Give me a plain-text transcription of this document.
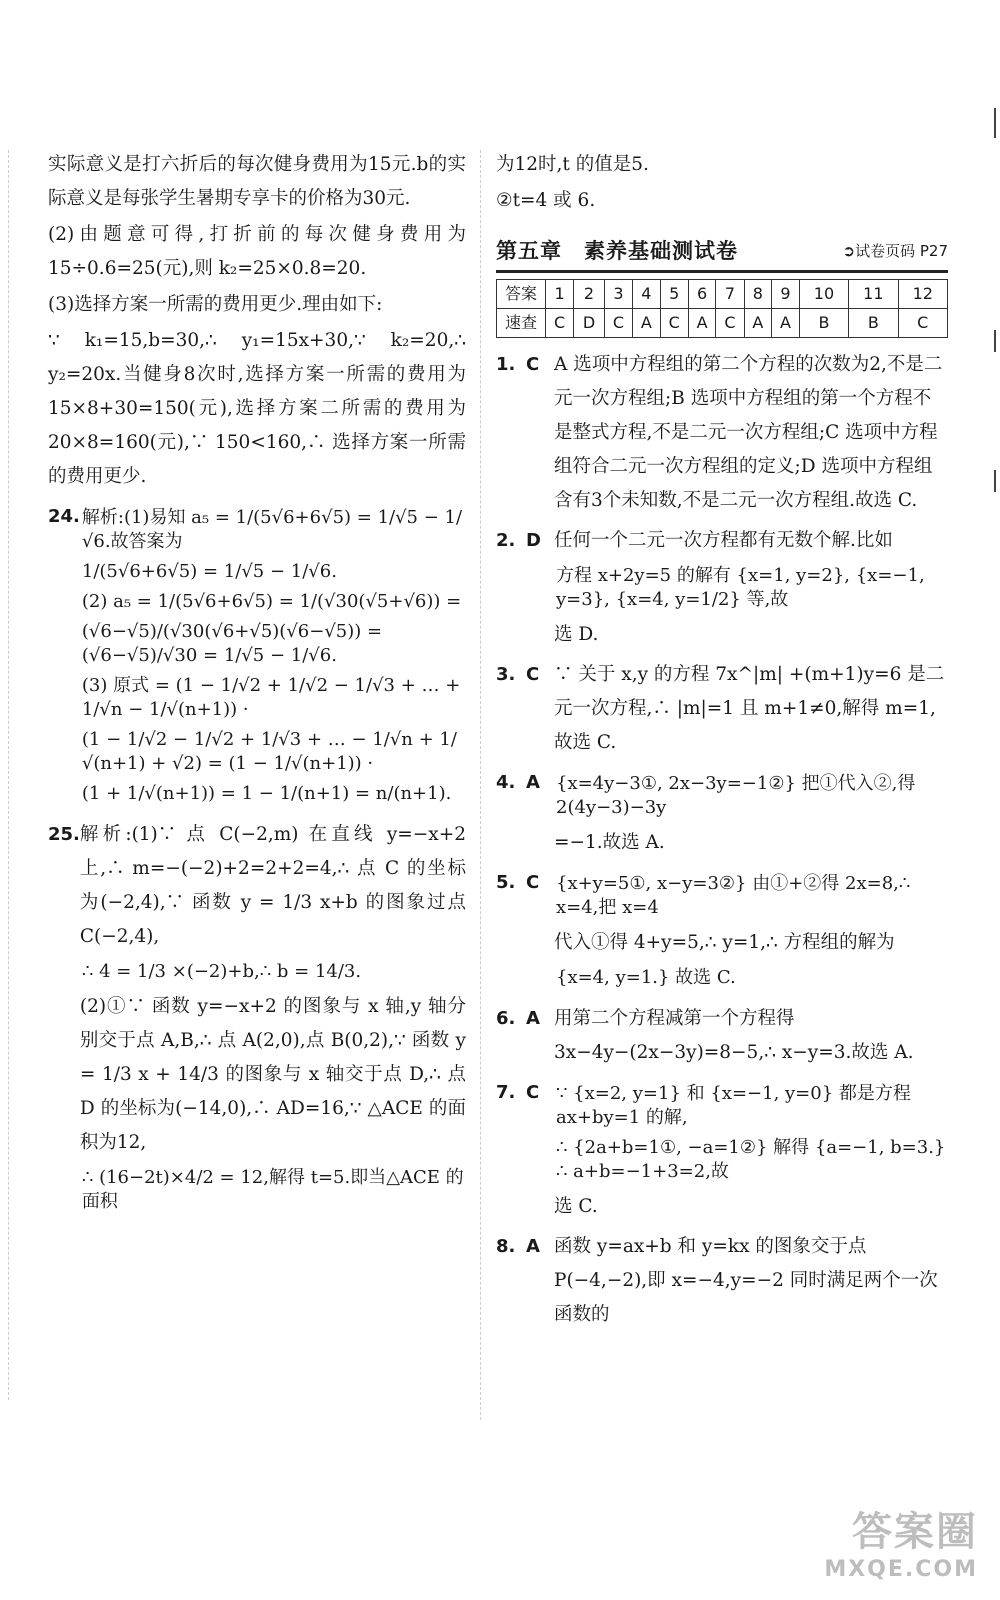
实际意义是打六折后的每次健身费用为15元.b的实际意义是每张学生暑期专享卡的价格为30元.

(2)由题意可得,打折前的每次健身费用为15÷0.6=25(元),则 k₂=25×0.8=20.

(3)选择方案一所需的费用更少.理由如下:

∵ k₁=15,b=30,∴ y₁=15x+30,∵ k₂=20,∴ y₂=20x.当健身8次时,选择方案一所需的费用为15×8+30=150(元),选择方案二所需的费用为20×8=160(元),∵ 150<160,∴ 选择方案一所需的费用更少.

24. 解析:(1)易知 a₅ = 1/(5√6+6√5) = 1/√5 − 1/√6.故答案为
1/(5√6+6√5) = 1/√5 − 1/√6.
(2) a₅ = 1/(5√6+6√5) = 1/(√30(√5+√6)) =
(√6−√5)/(√30(√6+√5)(√6−√5)) = (√6−√5)/√30 = 1/√5 − 1/√6.
(3) 原式 = (1 − 1/√2 + 1/√2 − 1/√3 + … + 1/√n − 1/√(n+1)) ·
(1 − 1/√2 − 1/√2 + 1/√3 + … − 1/√n + 1/√(n+1) + √2) = (1 − 1/√(n+1)) ·
(1 + 1/√(n+1)) = 1 − 1/(n+1) = n/(n+1).
25. 解析:(1)∵ 点 C(−2,m) 在直线 y=−x+2 上,∴ m=−(−2)+2=2+2=4,∴ 点 C 的坐标为(−2,4),∵ 函数 y = 1/3 x+b 的图象过点 C(−2,4),

∴ 4 = 1/3 ×(−2)+b,∴ b = 14/3.

(2)①∵ 函数 y=−x+2 的图象与 x 轴,y 轴分别交于点 A,B,∴ 点 A(2,0),点 B(0,2),∵ 函数 y = 1/3 x + 14/3 的图象与 x 轴交于点 D,∴ 点 D 的坐标为(−14,0),∴ AD=16,∵ △ACE 的面积为12,

∴ (16−2t)×4/2 = 12,解得 t=5.即当△ACE 的面积

为12时,t 的值是5.

②t=4 或 6.

第五章　素养基础测试卷	➲试卷页码 P27
答案	1	2	3	4	5	6	7	8	9	10	11	12
速查	C	D	C	A	C	A	C	A	A	B	B	C
1. C A 选项中方程组的第二个方程的次数为2,不是二元一次方程组;B 选项中方程组的第一个方程不是整式方程,不是二元一次方程组;C 选项中方程组符合二元一次方程组的定义;D 选项中方程组含有3个未知数,不是二元一次方程组.故选 C.
2. D 任何一个二元一次方程都有无数个解.比如
方程 x+2y=5 的解有 {x=1, y=2}, {x=−1, y=3}, {x=4, y=1/2} 等,故
选 D.
3. C ∵ 关于 x,y 的方程 7x^|m| +(m+1)y=6 是二元一次方程,∴ |m|=1 且 m+1≠0,解得 m=1,故选 C.
4. A {x=4y−3①, 2x−3y=−1②} 把①代入②,得 2(4y−3)−3y
=−1.故选 A.
5. C {x+y=5①, x−y=3②} 由①+②得 2x=8,∴ x=4,把 x=4
代入①得 4+y=5,∴ y=1,∴ 方程组的解为
{x=4, y=1.} 故选 C.
6. A 用第二个方程减第一个方程得 3x−4y−(2x−3y)=8−5,∴ x−y=3.故选 A.
7. C ∵ {x=2, y=1} 和 {x=−1, y=0} 都是方程 ax+by=1 的解,
∴ {2a+b=1①, −a=1②} 解得 {a=−1, b=3.} ∴ a+b=−1+3=2,故
选 C.
8. A 函数 y=ax+b 和 y=kx 的图象交于点 P(−4,−2),即 x=−4,y=−2 同时满足两个一次函数的
答案圈
MXQE.COM
